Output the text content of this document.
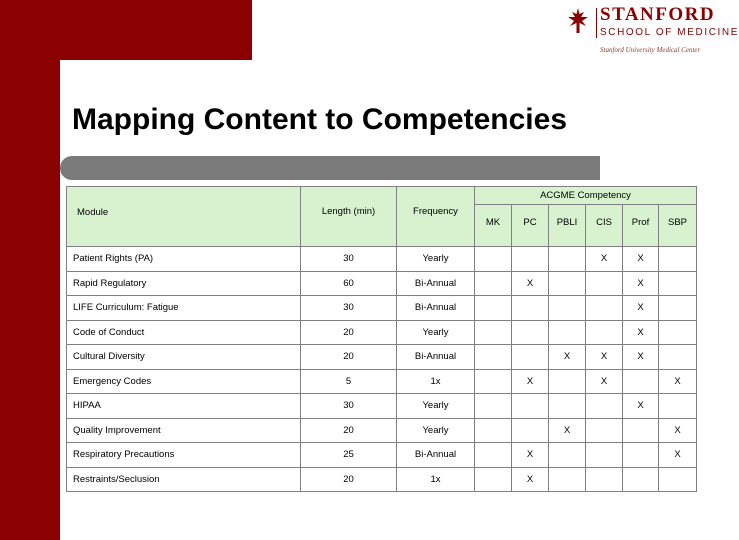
STANFORD
SCHOOL OF MEDICINE
Stanford University Medical Center
Mapping Content to Competencies
Module	Length (min)	Frequency	ACGME Competency					
			MK	PC	PBLI	CIS	Prof	SBP
Patient Rights (PA)	30	Yearly				X	X	
Rapid Regulatory	60	Bi-Annual		X			X	
LIFE Curriculum: Fatigue	30	Bi-Annual					X	
Code of Conduct	20	Yearly					X	
Cultural Diversity	20	Bi-Annual			X	X	X	
Emergency Codes	5	1x		X		X		X
HIPAA	30	Yearly					X	
Quality Improvement	20	Yearly			X			X
Respiratory Precautions	25	Bi-Annual		X				X
Restraints/Seclusion	20	1x		X				
